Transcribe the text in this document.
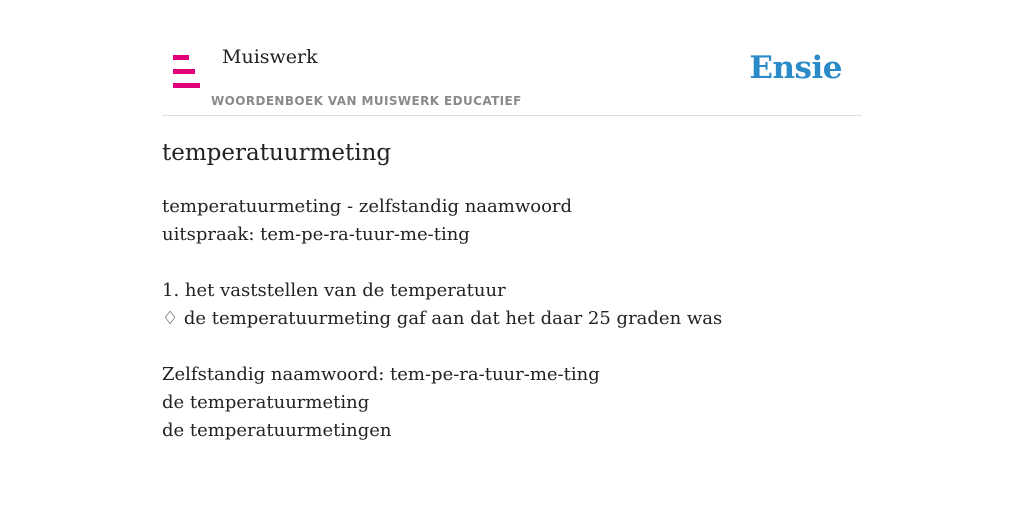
Muiswerk
WOORDENBOEK VAN MUISWERK EDUCATIEF
Ensie
temperatuurmeting
temperatuurmeting - zelfstandig naamwoord
uitspraak: tem-pe-ra-tuur-me-ting
1. het vaststellen van de temperatuur
♢ de temperatuurmeting gaf aan dat het daar 25 graden was
Zelfstandig naamwoord: tem-pe-ra-tuur-me-ting
de temperatuurmeting
de temperatuurmetingen
